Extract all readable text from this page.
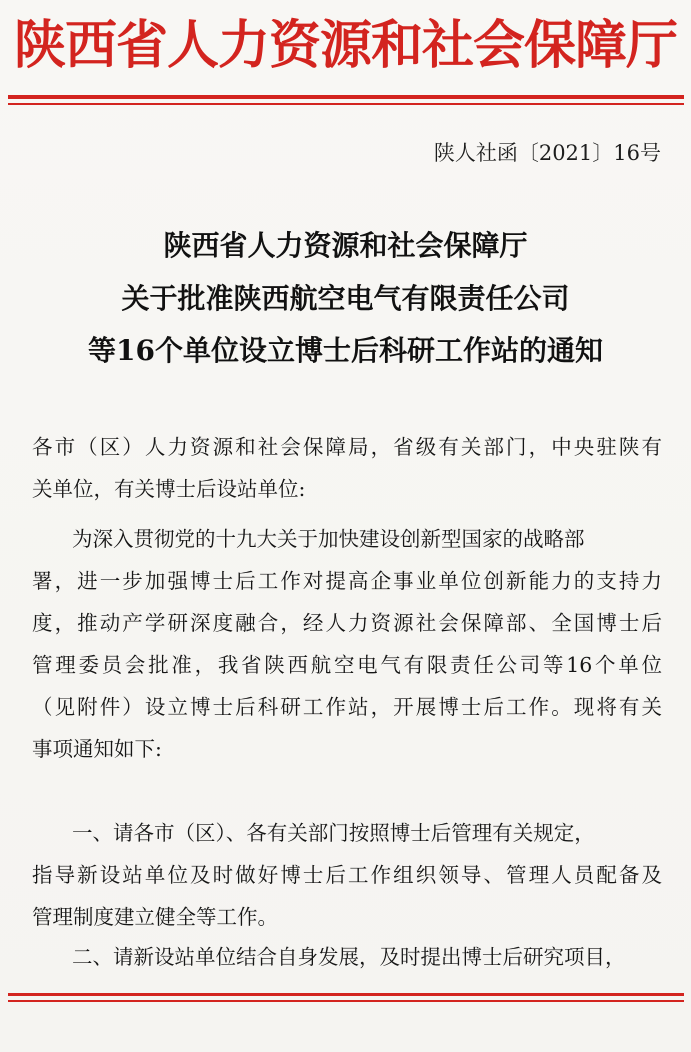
陕西省人力资源和社会保障厅
陕人社函〔2021〕16号
陕西省人力资源和社会保障厅
关于批准陕西航空电气有限责任公司
等16个单位设立博士后科研工作站的通知
各市（区）人力资源和社会保障局，省级有关部门，中央驻陕有
关单位，有关博士后设站单位:
为深入贯彻党的十九大关于加快建设创新型国家的战略部
署，进一步加强博士后工作对提高企事业单位创新能力的支持力
度，推动产学研深度融合，经人力资源社会保障部、全国博士后
管理委员会批准，我省陕西航空电气有限责任公司等16个单位
（见附件）设立博士后科研工作站，开展博士后工作。现将有关
事项通知如下:
一、请各市（区）、各有关部门按照博士后管理有关规定，
指导新设站单位及时做好博士后工作组织领导、管理人员配备及
管理制度建立健全等工作。
二、请新设站单位结合自身发展，及时提出博士后研究项目，
